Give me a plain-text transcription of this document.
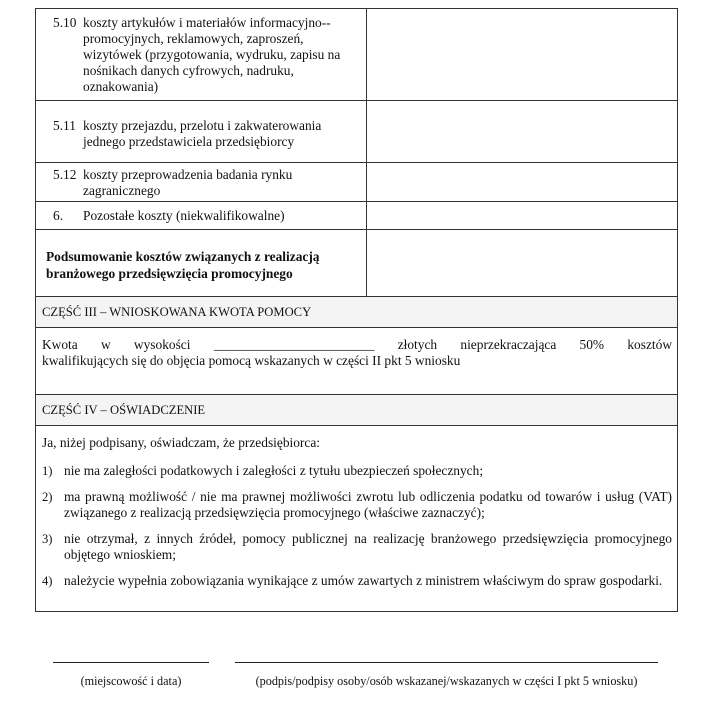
5.10 koszty artykułów i materiałów informacyjno--promocyjnych, reklamowych, zaproszeń, wizytówek (przygotowania, wydruku, zapisu na nośnikach danych cyfrowych, nadruku, oznakowania)
5.11 koszty przejazdu, przelotu i zakwaterowania jednego przedstawiciela przedsiębiorcy
5.12 koszty przeprowadzenia badania rynku zagranicznego
6.	Pozostałe koszty (niekwalifikowalne)
Podsumowanie kosztów związanych z realizacją branżowego przedsięwzięcia promocyjnego
CZĘŚĆ III – WNIOSKOWANA KWOTA POMOCY
Kwota w wysokości ________________________ złotych nieprzekraczająca 50% kosztów
kwalifikujących się do objęcia pomocą wskazanych w części II pkt 5 wniosku
CZĘŚĆ IV – OŚWIADCZENIE
Ja, niżej podpisany, oświadczam, że przedsiębiorca:
1) nie ma zaległości podatkowych i zaległości z tytułu ubezpieczeń społecznych;
2) ma prawną możliwość / nie ma prawnej możliwości zwrotu lub odliczenia podatku od towarów i usług (VAT) związanego z realizacją przedsięwzięcia promocyjnego (właściwe zaznaczyć);
3) nie otrzymał, z innych źródeł, pomocy publicznej na realizację branżowego przedsięwzięcia promocyjnego objętego wnioskiem;
4) należycie wypełnia zobowiązania wynikające z umów zawartych z ministrem właściwym do spraw gospodarki.
(miejscowość i data)	(podpis/podpisy osoby/osób wskazanej/wskazanych w części I pkt 5 wniosku)
